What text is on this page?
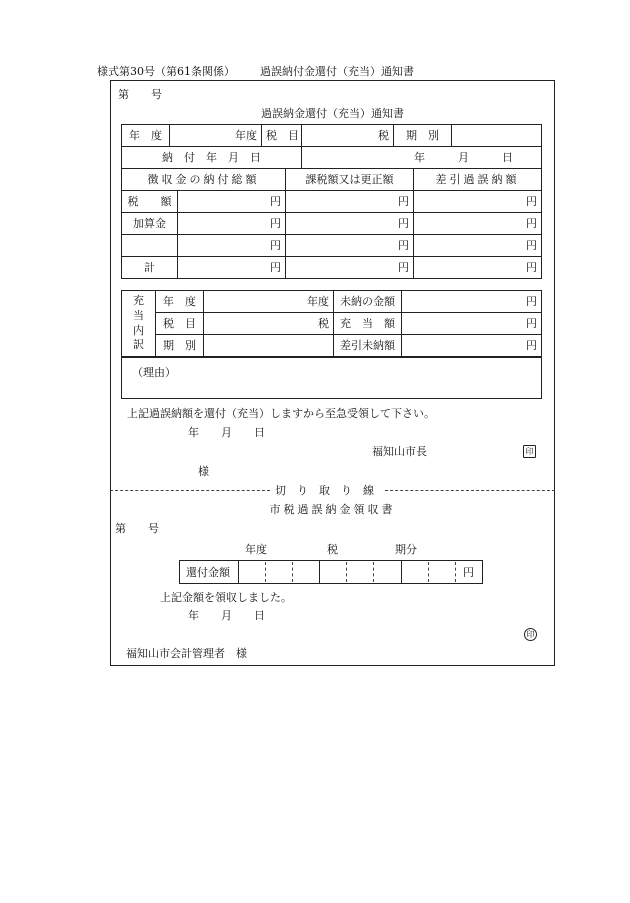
様式第30号（第61条関係） 過誤納付金還付（充当）通知書
第　　号
過誤納金還付（充当）通知書
年　度	年度	税　目	税	期　別	
納　付　年　月　日			年　　　月　　　日		
徴収金の納付総額		課税額又は更正額	差引過誤納額
税　　額	円	円	円
加算金	円	円	円
	円	円	円
計	円	円	円
充
当
内
訳	年　度	年度	未納の金額	円
	税　目	税	充　当　額	円
	期　別		差引未納額	円
（理由）
上記過誤納額を還付（充当）しますから至急受領して下さい。
年　　月　　日
福知山市長	印
様
切　り　取　り　線
市税過誤納金領収書
第　　号
年度	税	期分
還付金額	円
上記金額を領収しました。
年　　月　　日
印
福知山市会計管理者　様
